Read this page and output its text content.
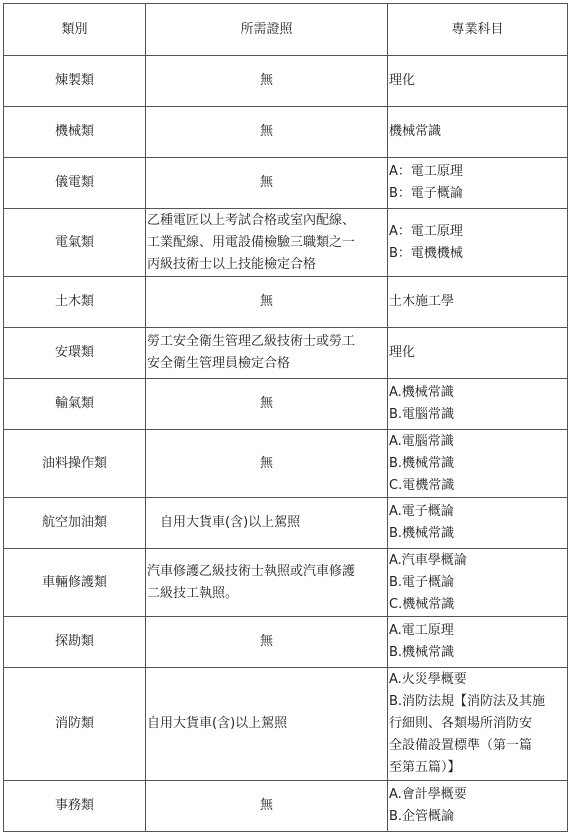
類別	所需證照	專業科目
煉製類	無	理化

機械類	無	機械常識

儀電類	無	A：電工原理
B：電子概論

電氣類	乙種電匠以上考試合格或室內配線、
工業配線、用電設備檢驗三職類之一
丙級技術士以上技能檢定合格	A：電工原理
B：電機機械

土木類	無	土木施工學

安環類	勞工安全衛生管理乙級技術士或勞工
安全衛生管理員檢定合格	理化

輸氣類	無	A.機械常識
B.電腦常識

油料操作類	無	A.電腦常識
B.機械常識
C.電機常識

航空加油類	自用大貨車(含)以上駕照	A.電子概論
B.機械常識

車輛修護類	汽車修護乙級技術士執照或汽車修護
二級技工執照。	A.汽車學概論
B.電子概論
C.機械常識

探勘類	無	A.電工原理
B.機械常識

消防類	自用大貨車(含)以上駕照	A.火災學概要
B.消防法規【消防法及其施
行細則、各類場所消防安
全設備設置標準（第一篇
至第五篇）】

事務類	無	A.會計學概要
B.企管概論
